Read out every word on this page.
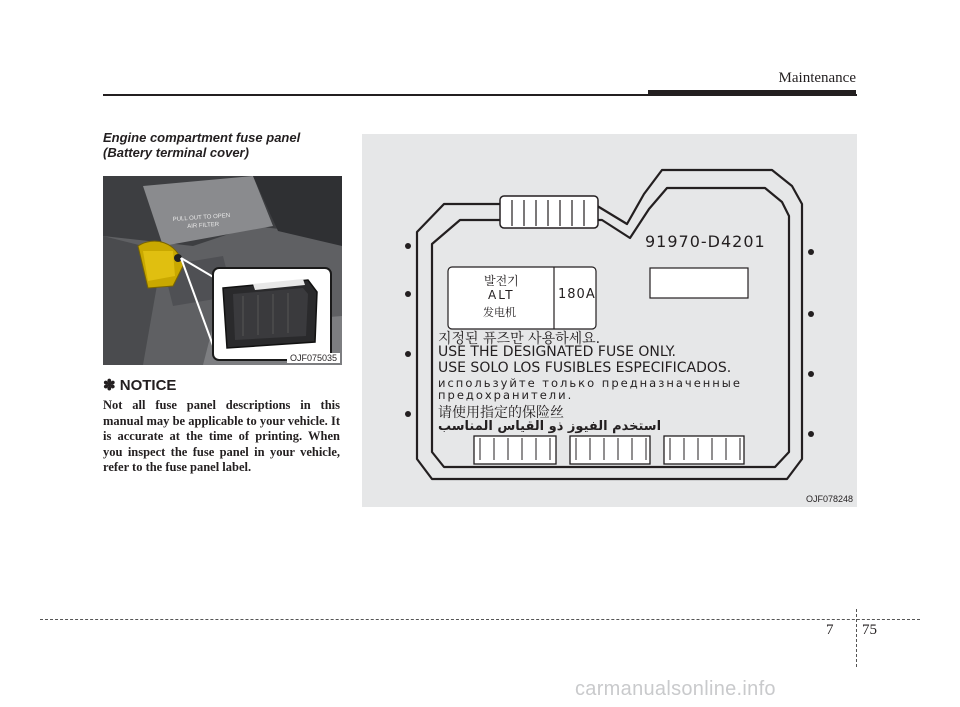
Maintenance
Engine compartment fuse panel
(Battery terminal cover)
PULL OUT TO OPEN
AIR FILTER
OJF075035
✽ NOTICE
Not all fuse panel descriptions in this manual may be applicable to your vehicle. It is accurate at the time of printing. When you inspect the fuse panel in your vehicle, refer to the fuse panel label.
91970-D4201
발전기
ALT
发电机
180A
지정된 퓨즈만 사용하세요.
USE THE DESIGNATED FUSE ONLY.
USE SOLO LOS FUSIBLES ESPECIFICADOS.
используйте только предназначенные
предохранители.
请使用指定的保险丝
استخدم الفيوز ذو القياس المناسب
OJF078248
7 75
carmanualsonline.info
